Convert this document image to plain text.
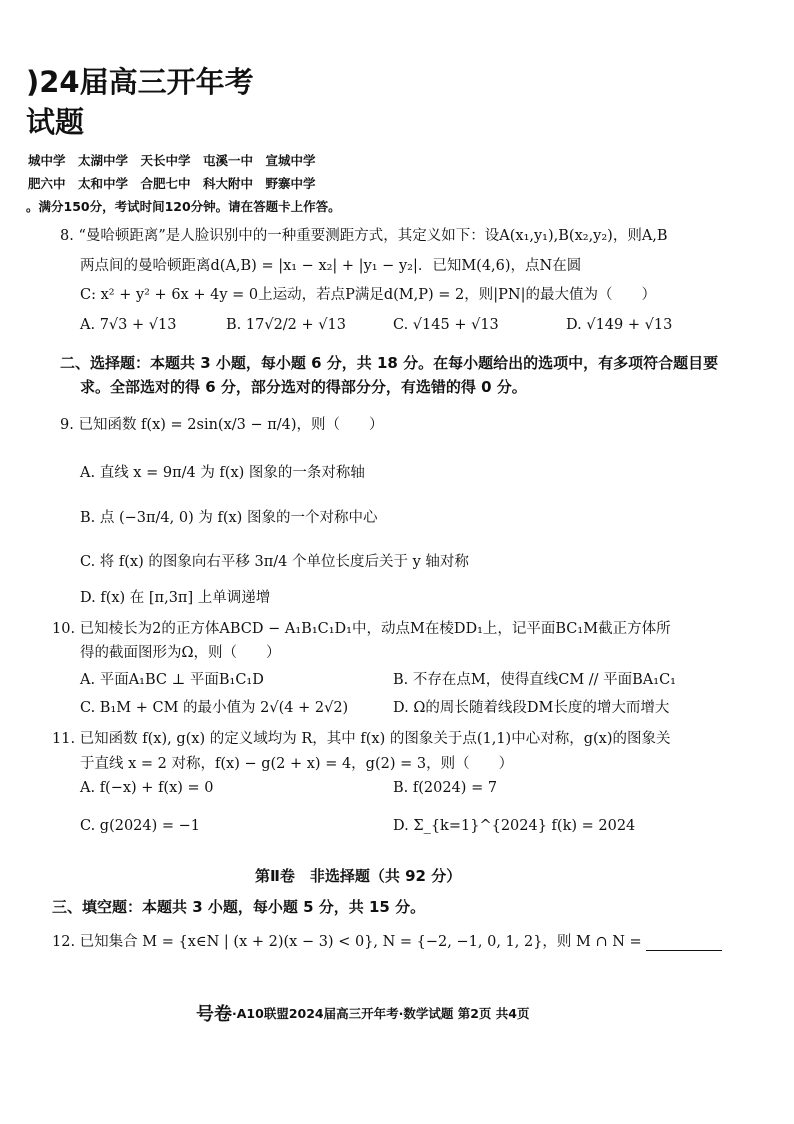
)24届高三开年考
试题
城中学　太湖中学　天长中学　屯溪一中　宣城中学
肥六中　太和中学　合肥七中　科大附中　野寨中学
。满分150分，考试时间120分钟。请在答题卡上作答。
8. “曼哈顿距离”是人脸识别中的一种重要测距方式，其定义如下：设A(x₁,y₁),B(x₂,y₂)，则A,B
两点间的曼哈顿距离d(A,B) = |x₁ − x₂| + |y₁ − y₂|．已知M(4,6)，点N在圆
C: x² + y² + 6x + 4y = 0上运动，若点P满足d(M,P) = 2，则|PN|的最大值为（　　）
A. 7√3 + √13	B. 17√2/2 + √13	C. √145 + √13	D. √149 + √13
二、选择题：本题共 3 小题，每小题 6 分，共 18 分。在每小题给出的选项中，有多项符合题目要
求。全部选对的得 6 分，部分选对的得部分分，有选错的得 0 分。
9. 已知函数 f(x) = 2sin(x/3 − π/4)，则（　　）
A. 直线 x = 9π/4 为 f(x) 图象的一条对称轴
B. 点 (−3π/4, 0) 为 f(x) 图象的一个对称中心
C. 将 f(x) 的图象向右平移 3π/4 个单位长度后关于 y 轴对称
D. f(x) 在 [π,3π] 上单调递增
10. 已知棱长为2的正方体ABCD − A₁B₁C₁D₁中，动点M在棱DD₁上，记平面BC₁M截正方体所
得的截面图形为Ω，则（　　）
A. 平面A₁BC ⊥ 平面B₁C₁D	B. 不存在点M，使得直线CM // 平面BA₁C₁
C. B₁M + CM 的最小值为 2√(4 + 2√2)	D. Ω的周长随着线段DM长度的增大而增大
11. 已知函数 f(x), g(x) 的定义域均为 R，其中 f(x) 的图象关于点(1,1)中心对称，g(x)的图象关
于直线 x = 2 对称，f(x) − g(2 + x) = 4，g(2) = 3，则（　　）
A. f(−x) + f(x) = 0	B. f(2024) = 7
C. g(2024) = −1	D. Σ_{k=1}^{2024} f(k) = 2024
第Ⅱ卷　非选择题（共 92 分）
三、填空题：本题共 3 小题，每小题 5 分，共 15 分。
12. 已知集合 M = {x∈N | (x + 2)(x − 3) < 0}, N = {−2, −1, 0, 1, 2}，则 M ∩ N =
号卷 ·A10联盟2024届高三开年考·数学试题 第2页 共4页
